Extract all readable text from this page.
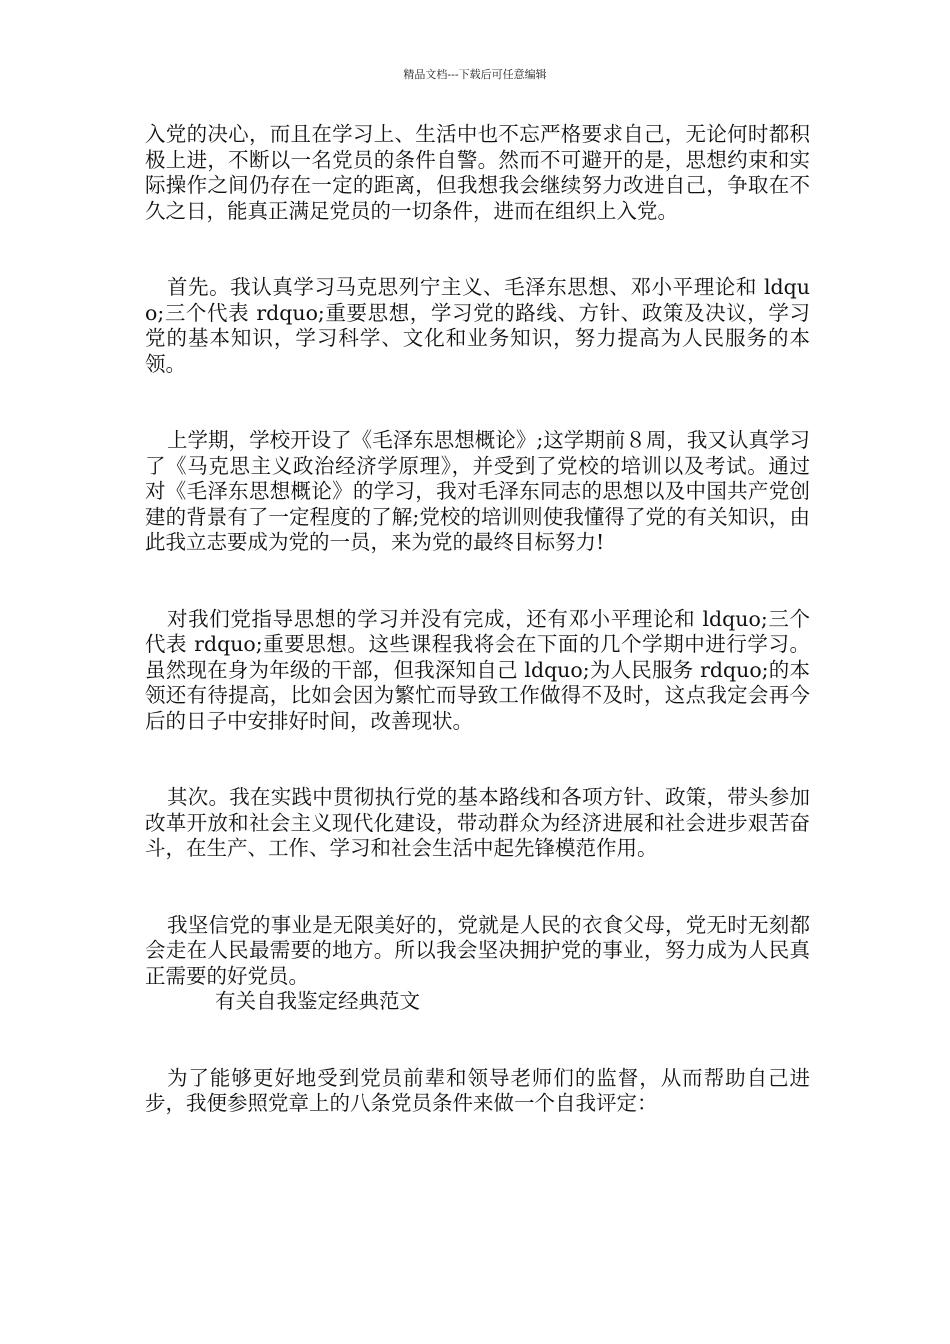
精品文档---下载后可任意编辑

入党的决心，而且在学习上、生活中也不忘严格要求自己，无论何时都积极上进，不断以一名党员的条件自警。然而不可避开的是，思想约束和实际操作之间仍存在一定的距离，但我想我会继续努力改进自己，争取在不久之日，能真正满足党员的一切条件，进而在组织上入党。

首先。我认真学习马克思列宁主义、毛泽东思想、邓小平理论和 ldquo;三个代表 rdquo;重要思想，学习党的路线、方针、政策及决议，学习党的基本知识，学习科学、文化和业务知识，努力提高为人民服务的本领。

上学期，学校开设了《毛泽东思想概论》;这学期前８周，我又认真学习了《马克思主义政治经济学原理》，并受到了党校的培训以及考试。通过对《毛泽东思想概论》的学习，我对毛泽东同志的思想以及中国共产党创建的背景有了一定程度的了解;党校的培训则使我懂得了党的有关知识，由此我立志要成为党的一员，来为党的最终目标努力!

对我们党指导思想的学习并没有完成，还有邓小平理论和 ldquo;三个代表 rdquo;重要思想。这些课程我将会在下面的几个学期中进行学习。虽然现在身为年级的干部，但我深知自己 ldquo;为人民服务 rdquo;的本领还有待提高，比如会因为繁忙而导致工作做得不及时，这点我定会再今后的日子中安排好时间，改善现状。

其次。我在实践中贯彻执行党的基本路线和各项方针、政策，带头参加改革开放和社会主义现代化建设，带动群众为经济进展和社会进步艰苦奋斗，在生产、工作、学习和社会生活中起先锋模范作用。

我坚信党的事业是无限美好的，党就是人民的衣食父母，党无时无刻都会走在人民最需要的地方。所以我会坚决拥护党的事业，努力成为人民真正需要的好党员。

有关自我鉴定经典范文

为了能够更好地受到党员前辈和领导老师们的监督，从而帮助自己进步，我便参照党章上的八条党员条件来做一个自我评定：
